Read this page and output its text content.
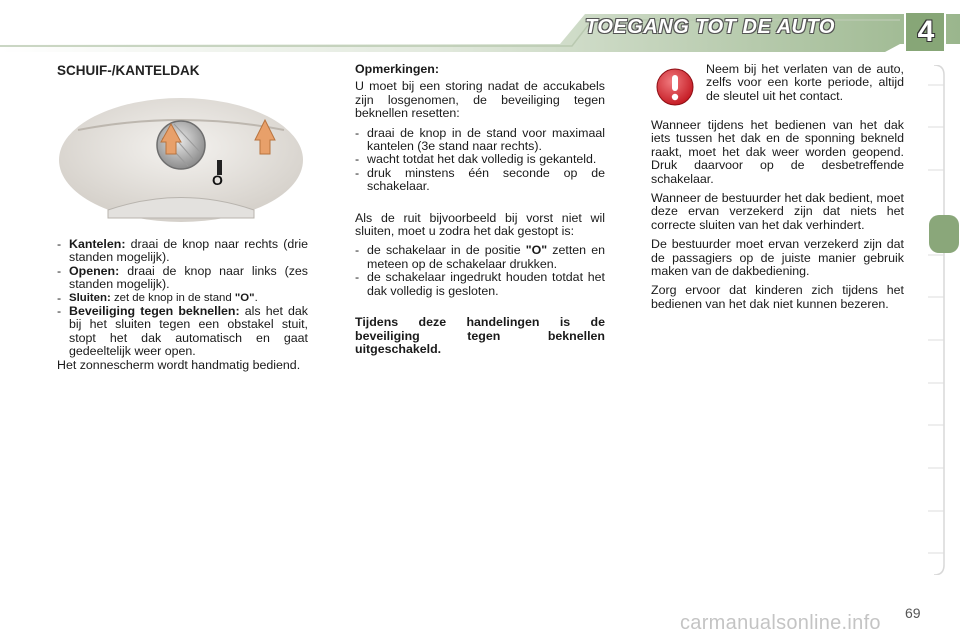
TOEGANG TOT DE AUTO	4
SCHUIF-/KANTELDAK
O
- Kantelen: draai de knop naar rechts (drie standen mogelijk).
- Openen: draai de knop naar links (zes standen mogelijk).
- Sluiten: zet de knop in de stand "O".
- Beveiliging tegen beknellen: als het dak bij het sluiten tegen een obstakel stuit, stopt het dak automatisch en gaat gedeeltelijk weer open.

Het zonnescherm wordt handmatig bediend.

Opmerkingen:

U moet bij een storing nadat de accukabels zijn losgenomen, de beveiliging tegen beknellen resetten:

- draai de knop in de stand voor maximaal kantelen (3e stand naar rechts).
- wacht totdat het dak volledig is gekanteld.
- druk minstens één seconde op de schakelaar.

Als de ruit bijvoorbeeld bij vorst niet wil sluiten, moet u zodra het dak gestopt is:

- de schakelaar in de positie "O" zetten en meteen op de schakelaar drukken.
- de schakelaar ingedrukt houden totdat het dak volledig is gesloten.

Tijdens deze handelingen is de beveiliging tegen beknellen uitgeschakeld.

Neem bij het verlaten van de auto, zelfs voor een korte periode, altijd de sleutel uit het contact.

Wanneer tijdens het bedienen van het dak iets tussen het dak en de sponning bekneld raakt, moet het dak weer worden geopend. Druk daarvoor op de desbetreffende schakelaar.

Wanneer de bestuurder het dak bedient, moet deze ervan verzekerd zijn dat niets het correcte sluiten van het dak verhindert.

De bestuurder moet ervan verzekerd zijn dat de passagiers op de juiste manier gebruik maken van de dakbediening.

Zorg ervoor dat kinderen zich tijdens het bedienen van het dak niet kunnen bezeren.

69
carmanualsonline.info
